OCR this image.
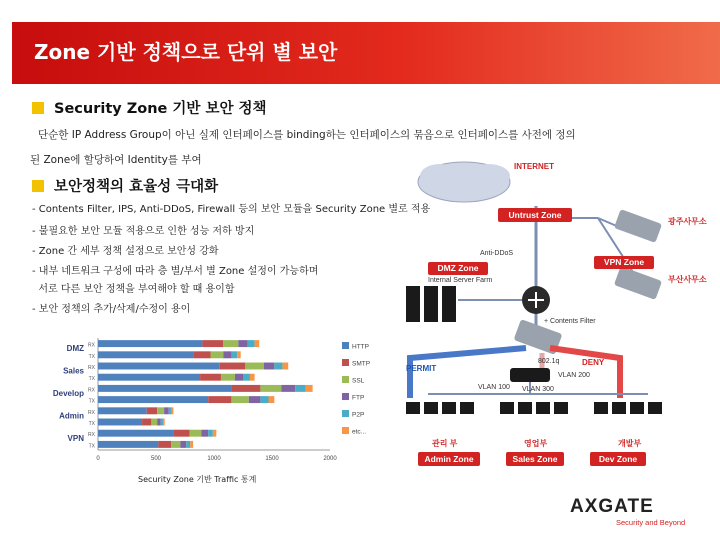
Zone 기반 정책으로 단위 별 보안
Security Zone 기반 보안 정책
단순한 IP Address Group이 아닌 실제 인터페이스를 binding하는 인터페이스의 묶음으로 인터페이스를 사전에 정의
된 Zone에 할당하여 Identity를 부여
보안정책의 효율성 극대화
- Contents Filter, IPS, Anti-DDoS, Firewall 등의 보안 모듈을 Security Zone 별로 적용
- 불필요한 보안 모듈 적용으로 인한 성능 저하 방지
- Zone 간 세부 정책 설정으로 보안성 강화
- 내부 네트워크 구성에 따라 층 별/부서 별 Zone 설정이 가능하며
서로 다른 보안 정책을 부여해야 할 때 용이함
- 보안 정책의 추가/삭제/수정이 용이
0	500	1000	1500	2000
RX
TX
RX
TX
RX
TX
RX
TX
RX
TX
DMZ
Sales
Develop
Admin
VPN
HTTP
SMTP
SSL
FTP
P2P
etc...
Security Zone 기반 Traffic 통계
INTERNET
Untrust Zone
광주사무소
VPN Zone
부산사무소
DMZ Zone
Internal Server Farm
Anti-DDoS
+ Contents Filter
PERMIT
DENY
802.1q
VLAN 100
VLAN 200
VLAN 300
관리 부	영업부	개발부
Admin Zone	Sales Zone	Dev Zone
AXGATE
Security and Beyond
